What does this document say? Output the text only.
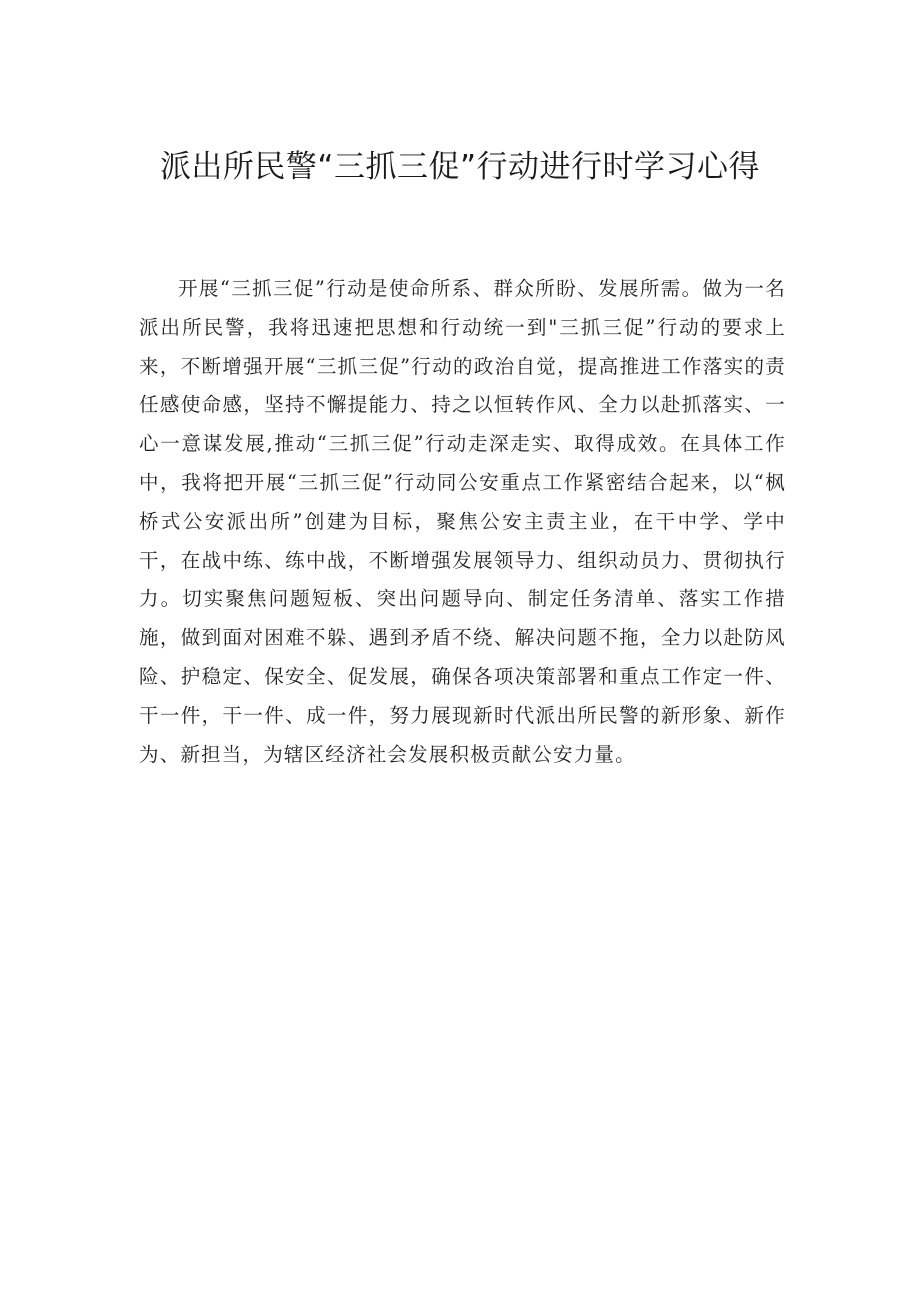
派出所民警“三抓三促”行动进行时学习心得

开展“三抓三促”行动是使命所系、群众所盼、发展所需。做为一名派出所民警，我将迅速把思想和行动统一到"三抓三促”行动的要求上来，不断增强开展“三抓三促”行动的政治自觉，提高推进工作落实的责任感使命感，坚持不懈提能力、持之以恒转作风、全力以赴抓落实、一心一意谋发展,推动“三抓三促”行动走深走实、取得成效。在具体工作中，我将把开展“三抓三促”行动同公安重点工作紧密结合起来，以“枫桥式公安派出所”创建为目标，聚焦公安主责主业，在干中学、学中干，在战中练、练中战，不断增强发展领导力、组织动员力、贯彻执行力。切实聚焦问题短板、突出问题导向、制定任务清单、落实工作措施，做到面对困难不躲、遇到矛盾不绕、解决问题不拖，全力以赴防风险、护稳定、保安全、促发展，确保各项决策部署和重点工作定一件、干一件，干一件、成一件，努力展现新时代派出所民警的新形象、新作为、新担当，为辖区经济社会发展积极贡献公安力量。
